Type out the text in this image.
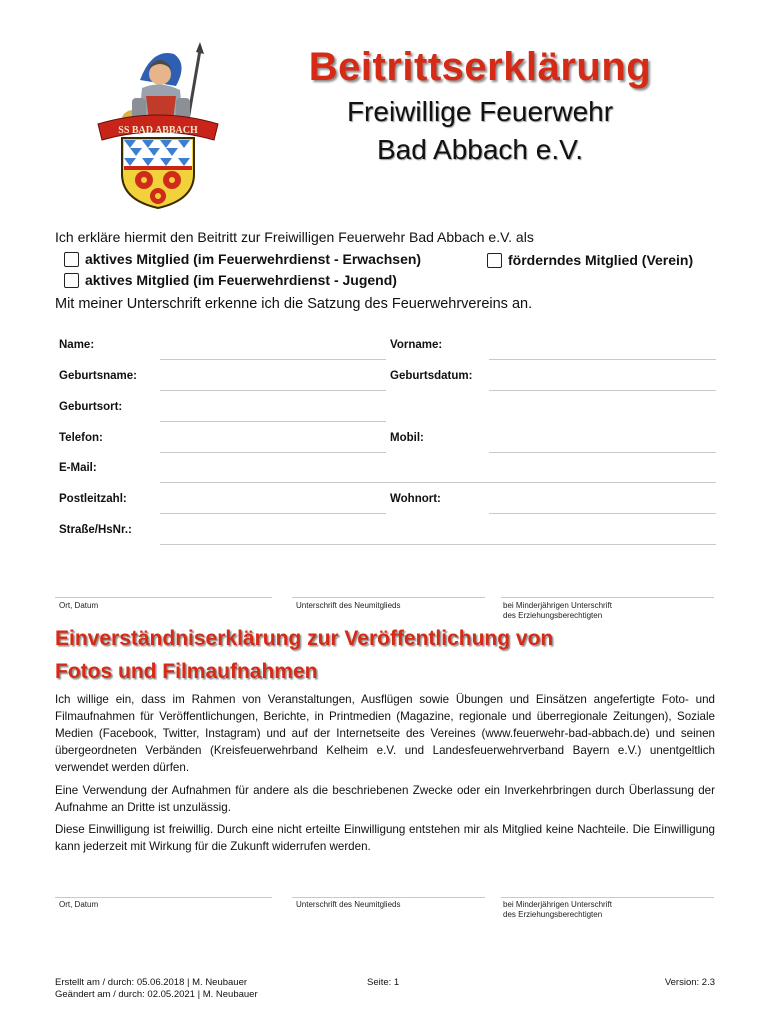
SS BAD ABBACH
Beitrittserklärung
Freiwillige Feuerwehr
Bad Abbach e.V.
Ich erkläre hiermit den Beitritt zur Freiwilligen Feuerwehr Bad Abbach e.V. als
aktives Mitglied (im Feuerwehrdienst - Erwachsen)	förderndes Mitglied (Verein)
aktives Mitglied (im Feuerwehrdienst - Jugend)
Mit meiner Unterschrift erkenne ich die Satzung des Feuerwehrvereins an.
Name:	Vorname:
Geburtsname:	Geburtsdatum:
Geburtsort:
Telefon:	Mobil:
E-Mail:
Postleitzahl:	Wohnort:
Straße/HsNr.:
Ort, Datum	Unterschrift des Neumitglieds	bei Minderjährigen Unterschrift
des Erziehungsberechtigten
Einverständniserklärung zur Veröffentlichung von
Fotos und Filmaufnahmen
Ich willige ein, dass im Rahmen von Veranstaltungen, Ausflügen sowie Übungen und Einsätzen angefertigte Foto- und Filmaufnahmen für Veröffentlichungen, Berichte, in Printmedien (Magazine, regionale und überregionale Zeitungen), Soziale Medien (Facebook, Twitter, Instagram) und auf der Internetseite des Vereines (www.feuerwehr-bad-abbach.de) und seinen übergeordneten Verbänden (Kreisfeuerwehrband Kelheim e.V. und Landesfeuerwehrverband Bayern e.V.) unentgeltlich verwendet werden dürfen.
Eine Verwendung der Aufnahmen für andere als die beschriebenen Zwecke oder ein Inverkehrbringen durch Überlassung der Aufnahme an Dritte ist unzulässig.
Diese Einwilligung ist freiwillig. Durch eine nicht erteilte Einwilligung entstehen mir als Mitglied keine Nachteile. Die Einwilligung kann jederzeit mit Wirkung für die Zukunft widerrufen werden.
Ort, Datum	Unterschrift des Neumitglieds	bei Minderjährigen Unterschrift
des Erziehungsberechtigten
Erstellt am / durch: 05.06.2018 | M. Neubauer
Geändert am / durch: 02.05.2021 | M. Neubauer
Seite: 1	Version: 2.3
